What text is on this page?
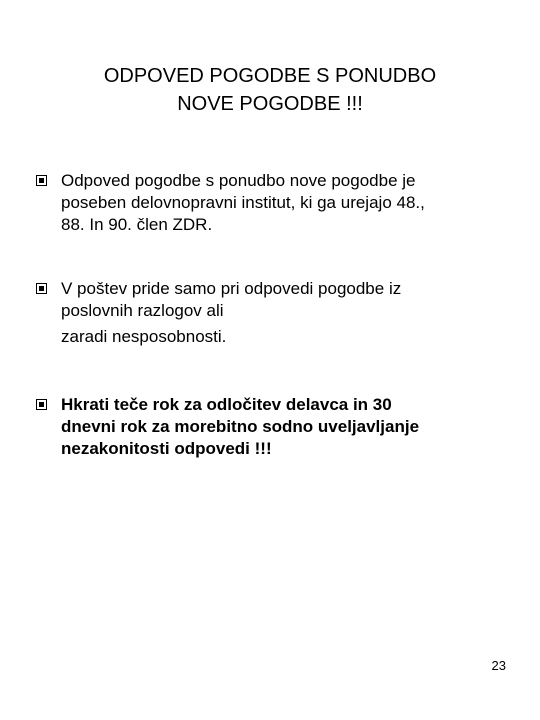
ODPOVED POGODBE S PONUDBO
NOVE POGODBE !!!

Odpoved pogodbe s ponudbo nove pogodbe je
poseben delovnopravni institut, ki ga urejajo 48.,
88. In 90. člen ZDR.

V poštev pride samo pri odpovedi pogodbe iz
poslovnih razlogov ali
zaradi nesposobnosti.

Hkrati teče rok za odločitev delavca in 30
dnevni rok za morebitno sodno uveljavljanje
nezakonitosti odpovedi !!!

23
